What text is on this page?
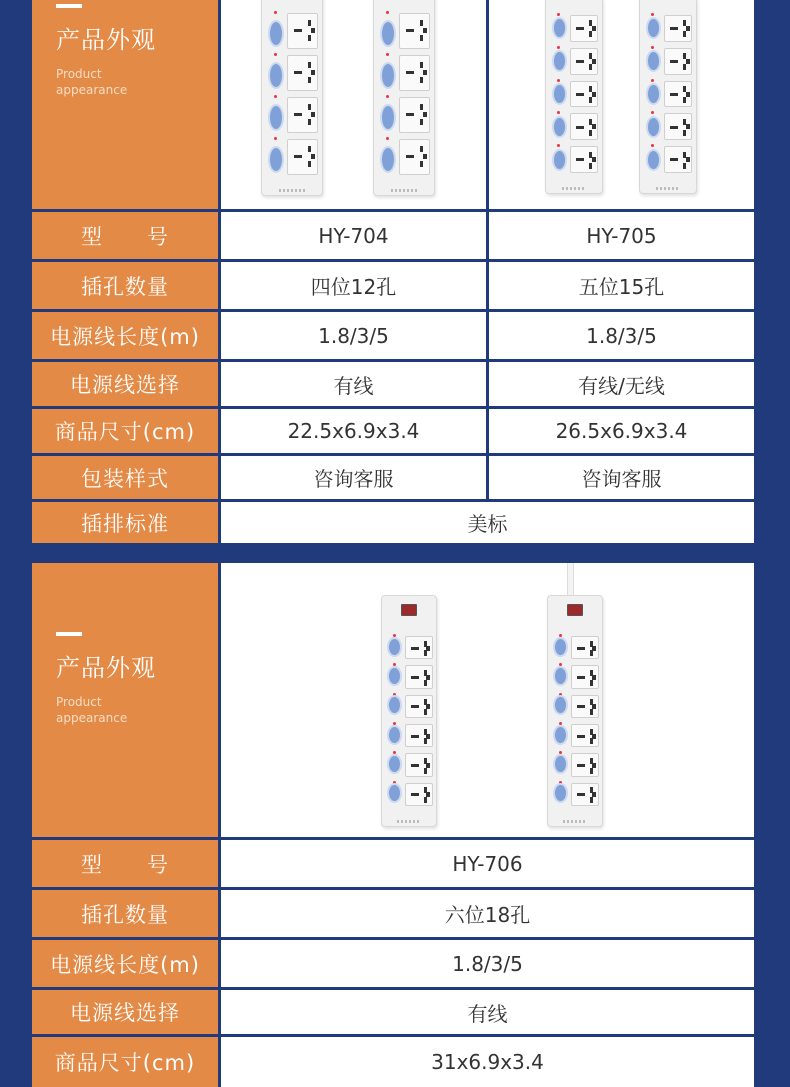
产品外观
Product appearance
型　　号	HY-704	HY-705
插孔数量	四位12孔	五位15孔
电源线长度(m)	1.8/3/5	1.8/3/5
电源线选择	有线	有线/无线
商品尺寸(cm)	22.5x6.9x3.4	26.5x6.9x3.4
包装样式	咨询客服	咨询客服
插排标准	美标
产品外观
Product appearance
型　　号	HY-706
插孔数量	六位18孔
电源线长度(m)	1.8/3/5
电源线选择	有线
商品尺寸(cm)	31x6.9x3.4
